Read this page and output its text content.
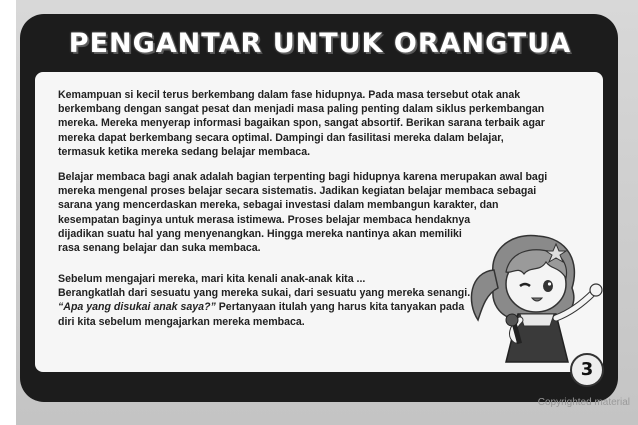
PENGANTAR UNTUK ORANGTUA

Kemampuan si kecil terus berkembang dalam fase hidupnya. Pada masa tersebut otak anak
berkembang dengan sangat pesat dan menjadi masa paling penting dalam siklus perkembangan
mereka. Mereka menyerap informasi bagaikan spon, sangat absortif. Berikan sarana terbaik agar
mereka dapat berkembang secara optimal. Dampingi dan fasilitasi mereka dalam belajar,
termasuk ketika mereka sedang belajar membaca.

Belajar membaca bagi anak adalah bagian terpenting bagi hidupnya karena merupakan awal bagi
mereka mengenal proses belajar secara sistematis. Jadikan kegiatan belajar membaca sebagai
sarana yang mencerdaskan mereka, sebagai investasi dalam membangun karakter, dan
kesempatan baginya untuk merasa istimewa. Proses belajar membaca hendaknya
dijadikan suatu hal yang menyenangkan. Hingga mereka nantinya akan memiliki
rasa senang belajar dan suka membaca.

Sebelum mengajari mereka, mari kita kenali anak-anak kita ...
Berangkatlah dari sesuatu yang mereka sukai, dari sesuatu yang mereka senangi.
“Apa yang disukai anak saya?” Pertanyaan itulah yang harus kita tanyakan pada
diri kita sebelum mengajarkan mereka membaca.

3
Copyrighted material
